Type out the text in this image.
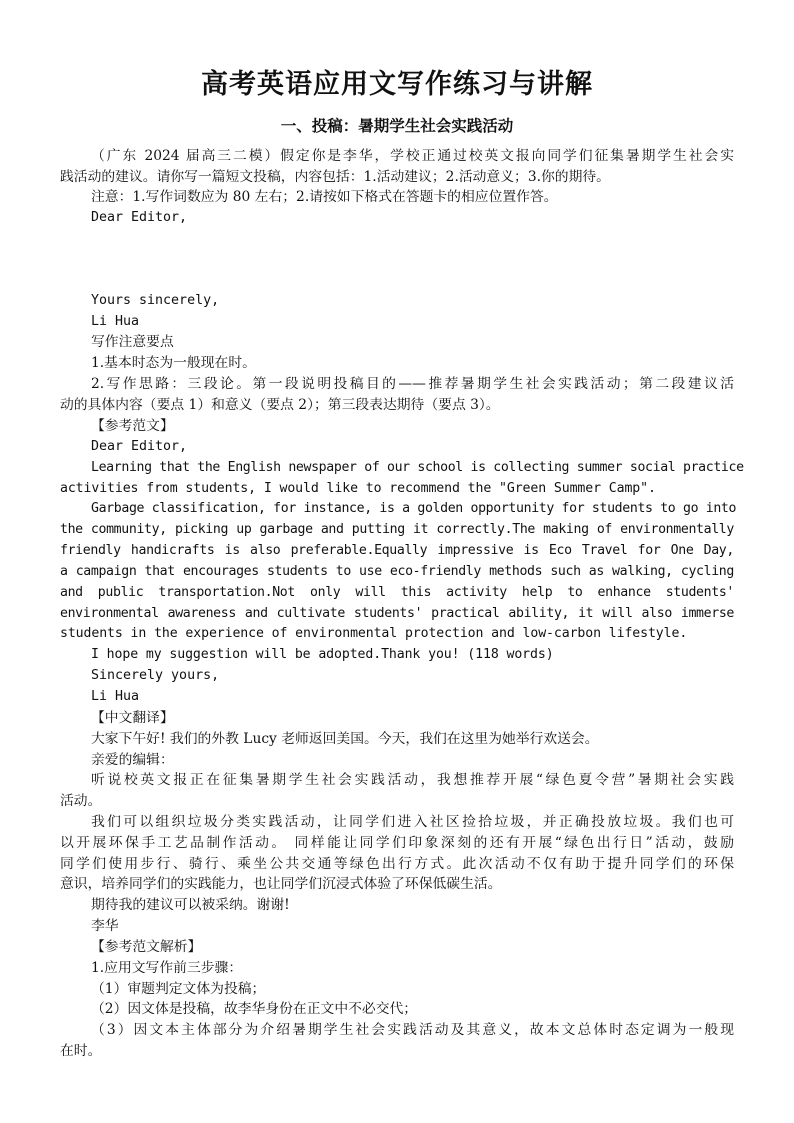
高考英语应用文写作练习与讲解
一、投稿：暑期学生社会实践活动
（广东 2024 届高三二模）假定你是李华，学校正通过校英文报向同学们征集暑期学生社会实
践活动的建议。请你写一篇短文投稿，内容包括：1.活动建议；2.活动意义；3.你的期待。
注意：1.写作词数应为 80 左右；2.请按如下格式在答题卡的相应位置作答。
Dear Editor,
Yours sincerely,
Li Hua
写作注意要点
1.基本时态为一般现在时。
2.写作思路：三段论。第一段说明投稿目的——推荐暑期学生社会实践活动；第二段建议活
动的具体内容（要点 1）和意义（要点 2）；第三段表达期待（要点 3）。
【参考范文】
Dear Editor,
Learning that the English newspaper of our school is collecting summer social practice
activities from students, I would like to recommend the "Green Summer Camp".
Garbage classification, for instance, is a golden opportunity for students to go into
the community, picking up garbage and putting it correctly.The making of environmentally
friendly handicrafts is also preferable.Equally impressive is Eco Travel for One Day,
a campaign that encourages students to use eco-friendly methods such as walking, cycling
and public transportation.Not only will this activity help to enhance students'
environmental awareness and cultivate students' practical ability, it will also immerse
students in the experience of environmental protection and low-carbon lifestyle.
I hope my suggestion will be adopted.Thank you! (118 words)
Sincerely yours,
Li Hua
【中文翻译】
大家下午好! 我们的外教 Lucy 老师返回美国。今天，我们在这里为她举行欢送会。
亲爱的编辑：
听说校英文报正在征集暑期学生社会实践活动，我想推荐开展“绿色夏令营”暑期社会实践
活动。
我们可以组织垃圾分类实践活动，让同学们进入社区捡拾垃圾，并正确投放垃圾。我们也可
以开展环保手工艺品制作活动。 同样能让同学们印象深刻的还有开展“绿色出行日”活动，鼓励
同学们使用步行、骑行、乘坐公共交通等绿色出行方式。此次活动不仅有助于提升同学们的环保
意识，培养同学们的实践能力，也让同学们沉浸式体验了环保低碳生活。
期待我的建议可以被采纳。谢谢!
李华
【参考范文解析】
1.应用文写作前三步骤：
（1）审题判定文体为投稿；
（2）因文体是投稿，故李华身份在正文中不必交代；
（3）因文本主体部分为介绍暑期学生社会实践活动及其意义，故本文总体时态定调为一般现
在时。
